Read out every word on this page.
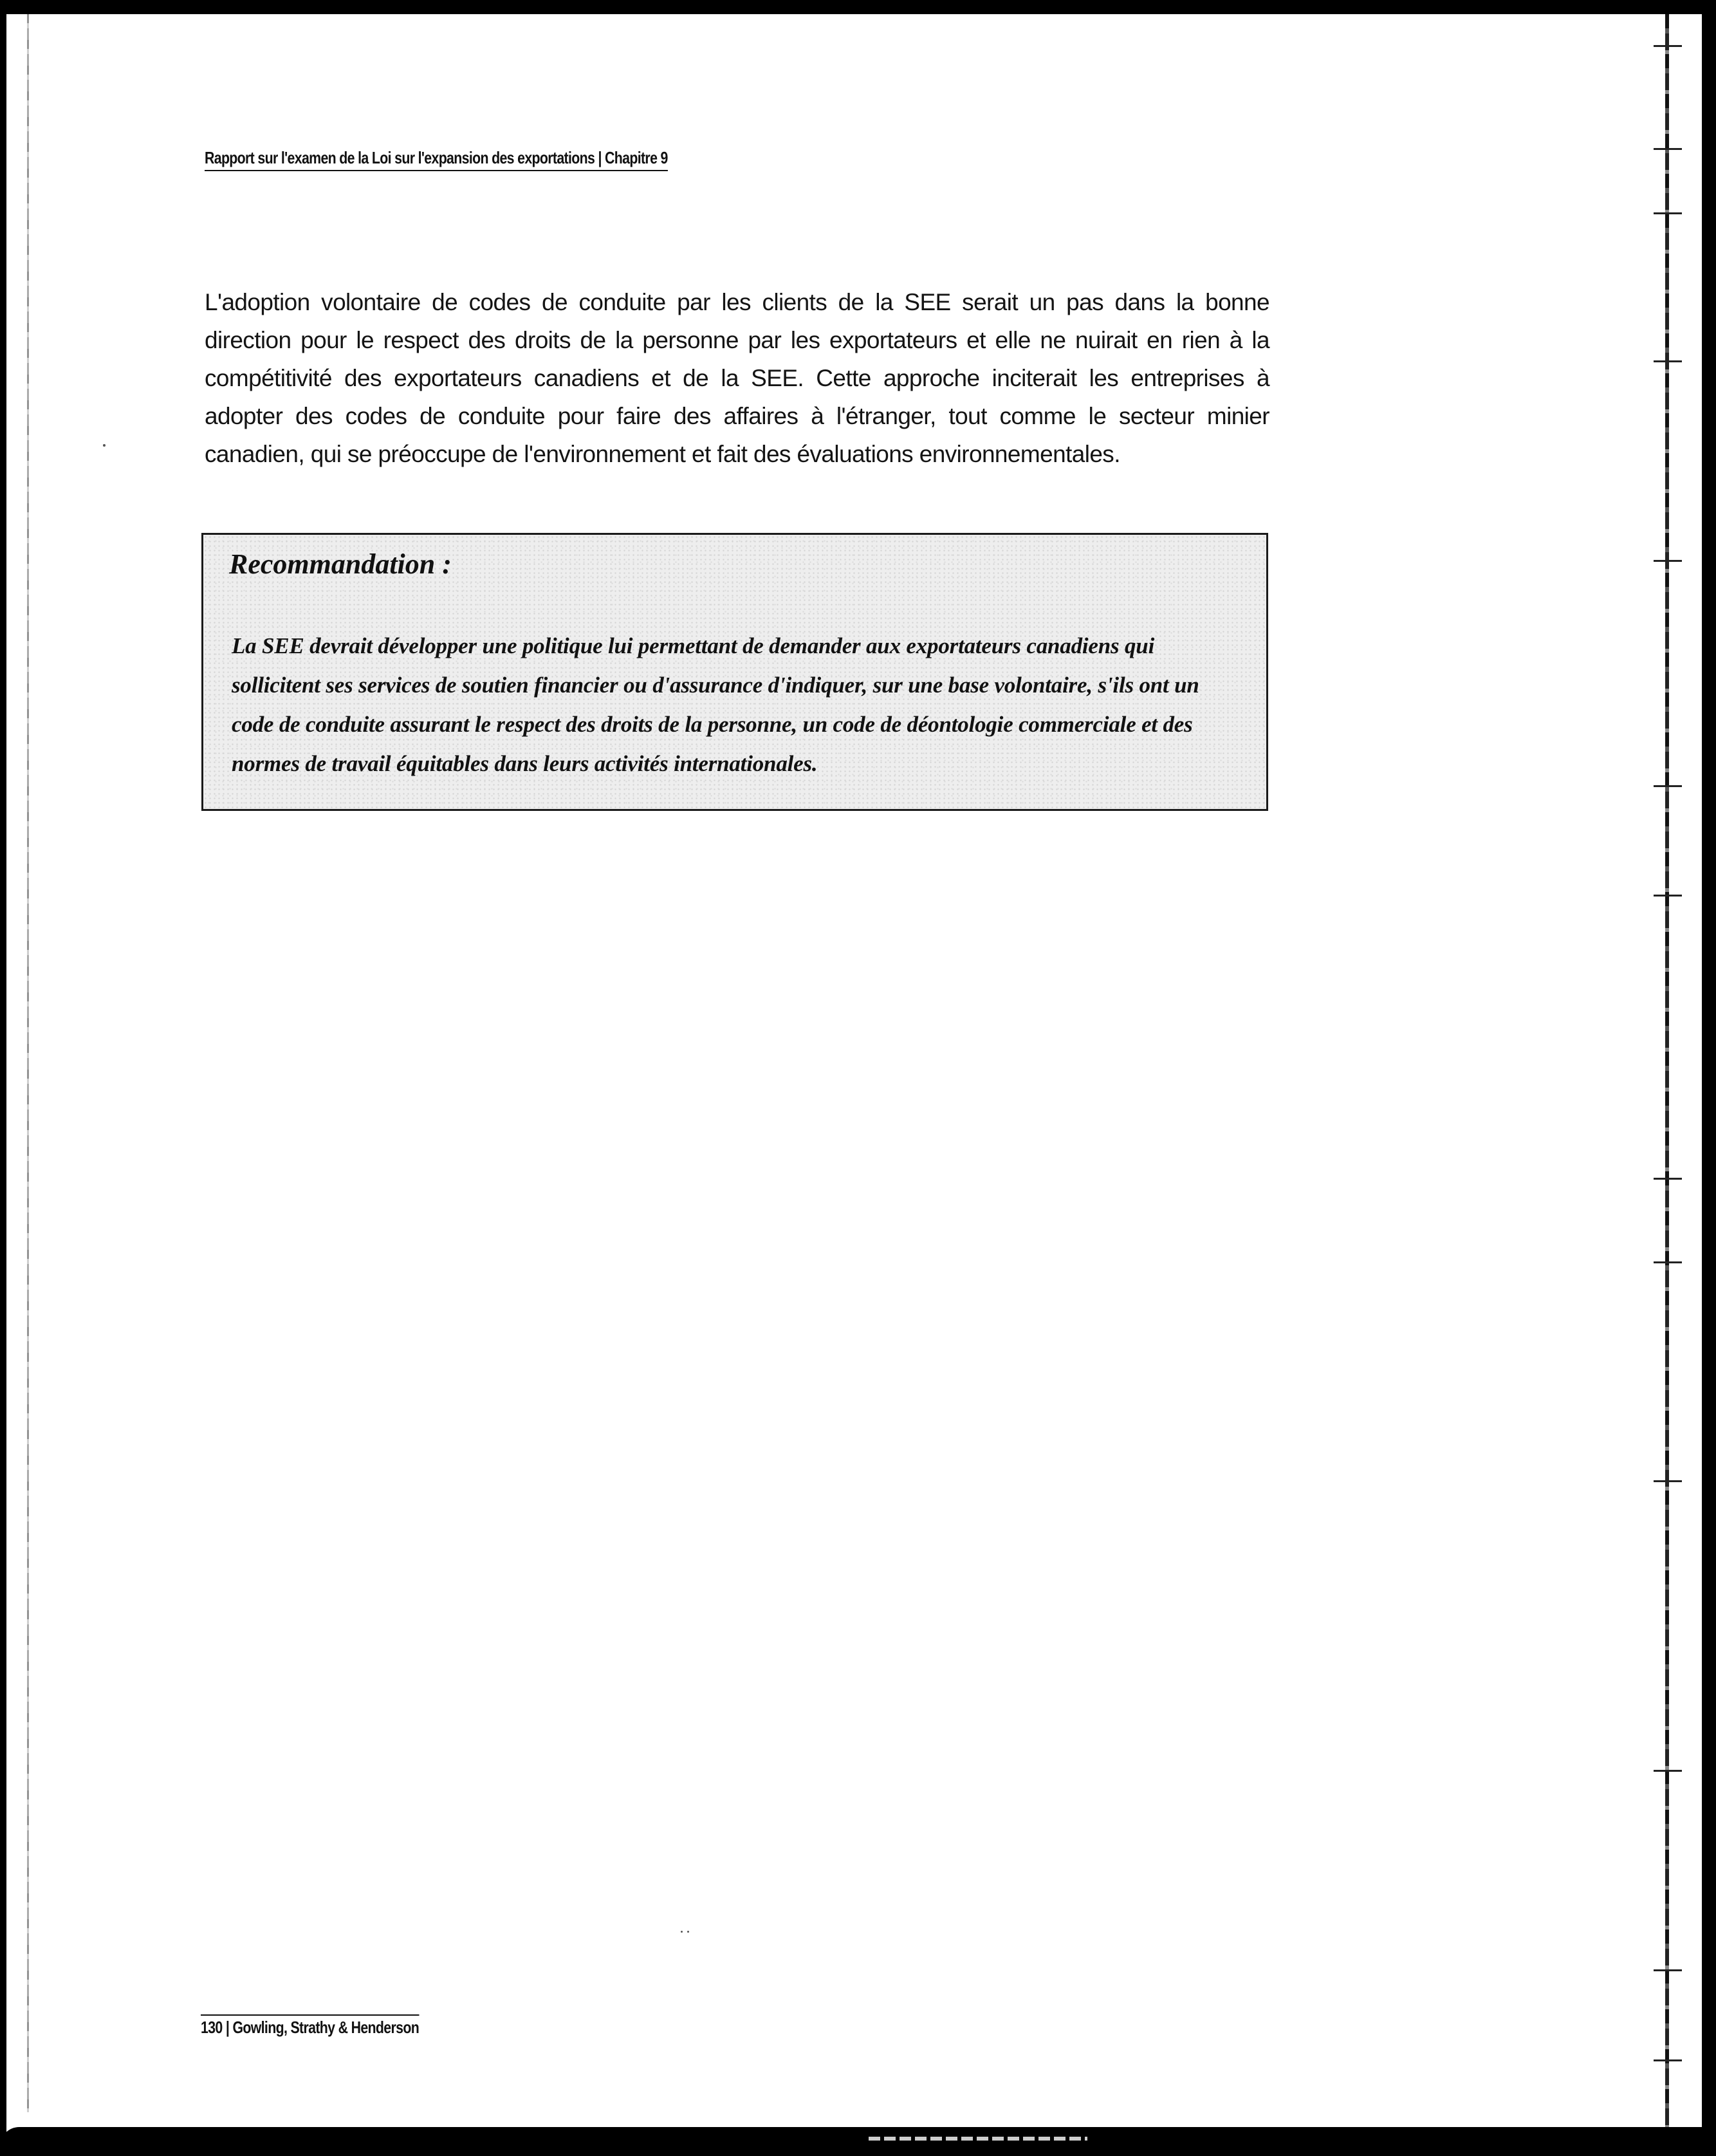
Rapport sur l'examen de la Loi sur l'expansion des exportations | Chapitre 9

L'adoption volontaire de codes de conduite par les clients de la SEE serait un pas dans la bonne direction pour le respect des droits de la personne par les exportateurs et elle ne nuirait en rien à la compétitivité des exportateurs canadiens et de la SEE. Cette approche inciterait les entreprises à adopter des codes de conduite pour faire des affaires à l'étranger, tout comme le secteur minier canadien, qui se préoccupe de l'environnement et fait des évaluations environnementales.

Recommandation :

La SEE devrait développer une politique lui permettant de demander aux exportateurs canadiens qui sollicitent ses services de soutien financier ou d'assurance d'indiquer, sur une base volontaire, s'ils ont un code de conduite assurant le respect des droits de la personne, un code de déontologie commerciale et des normes de travail équitables dans leurs activités internationales.

130 | Gowling, Strathy & Henderson
